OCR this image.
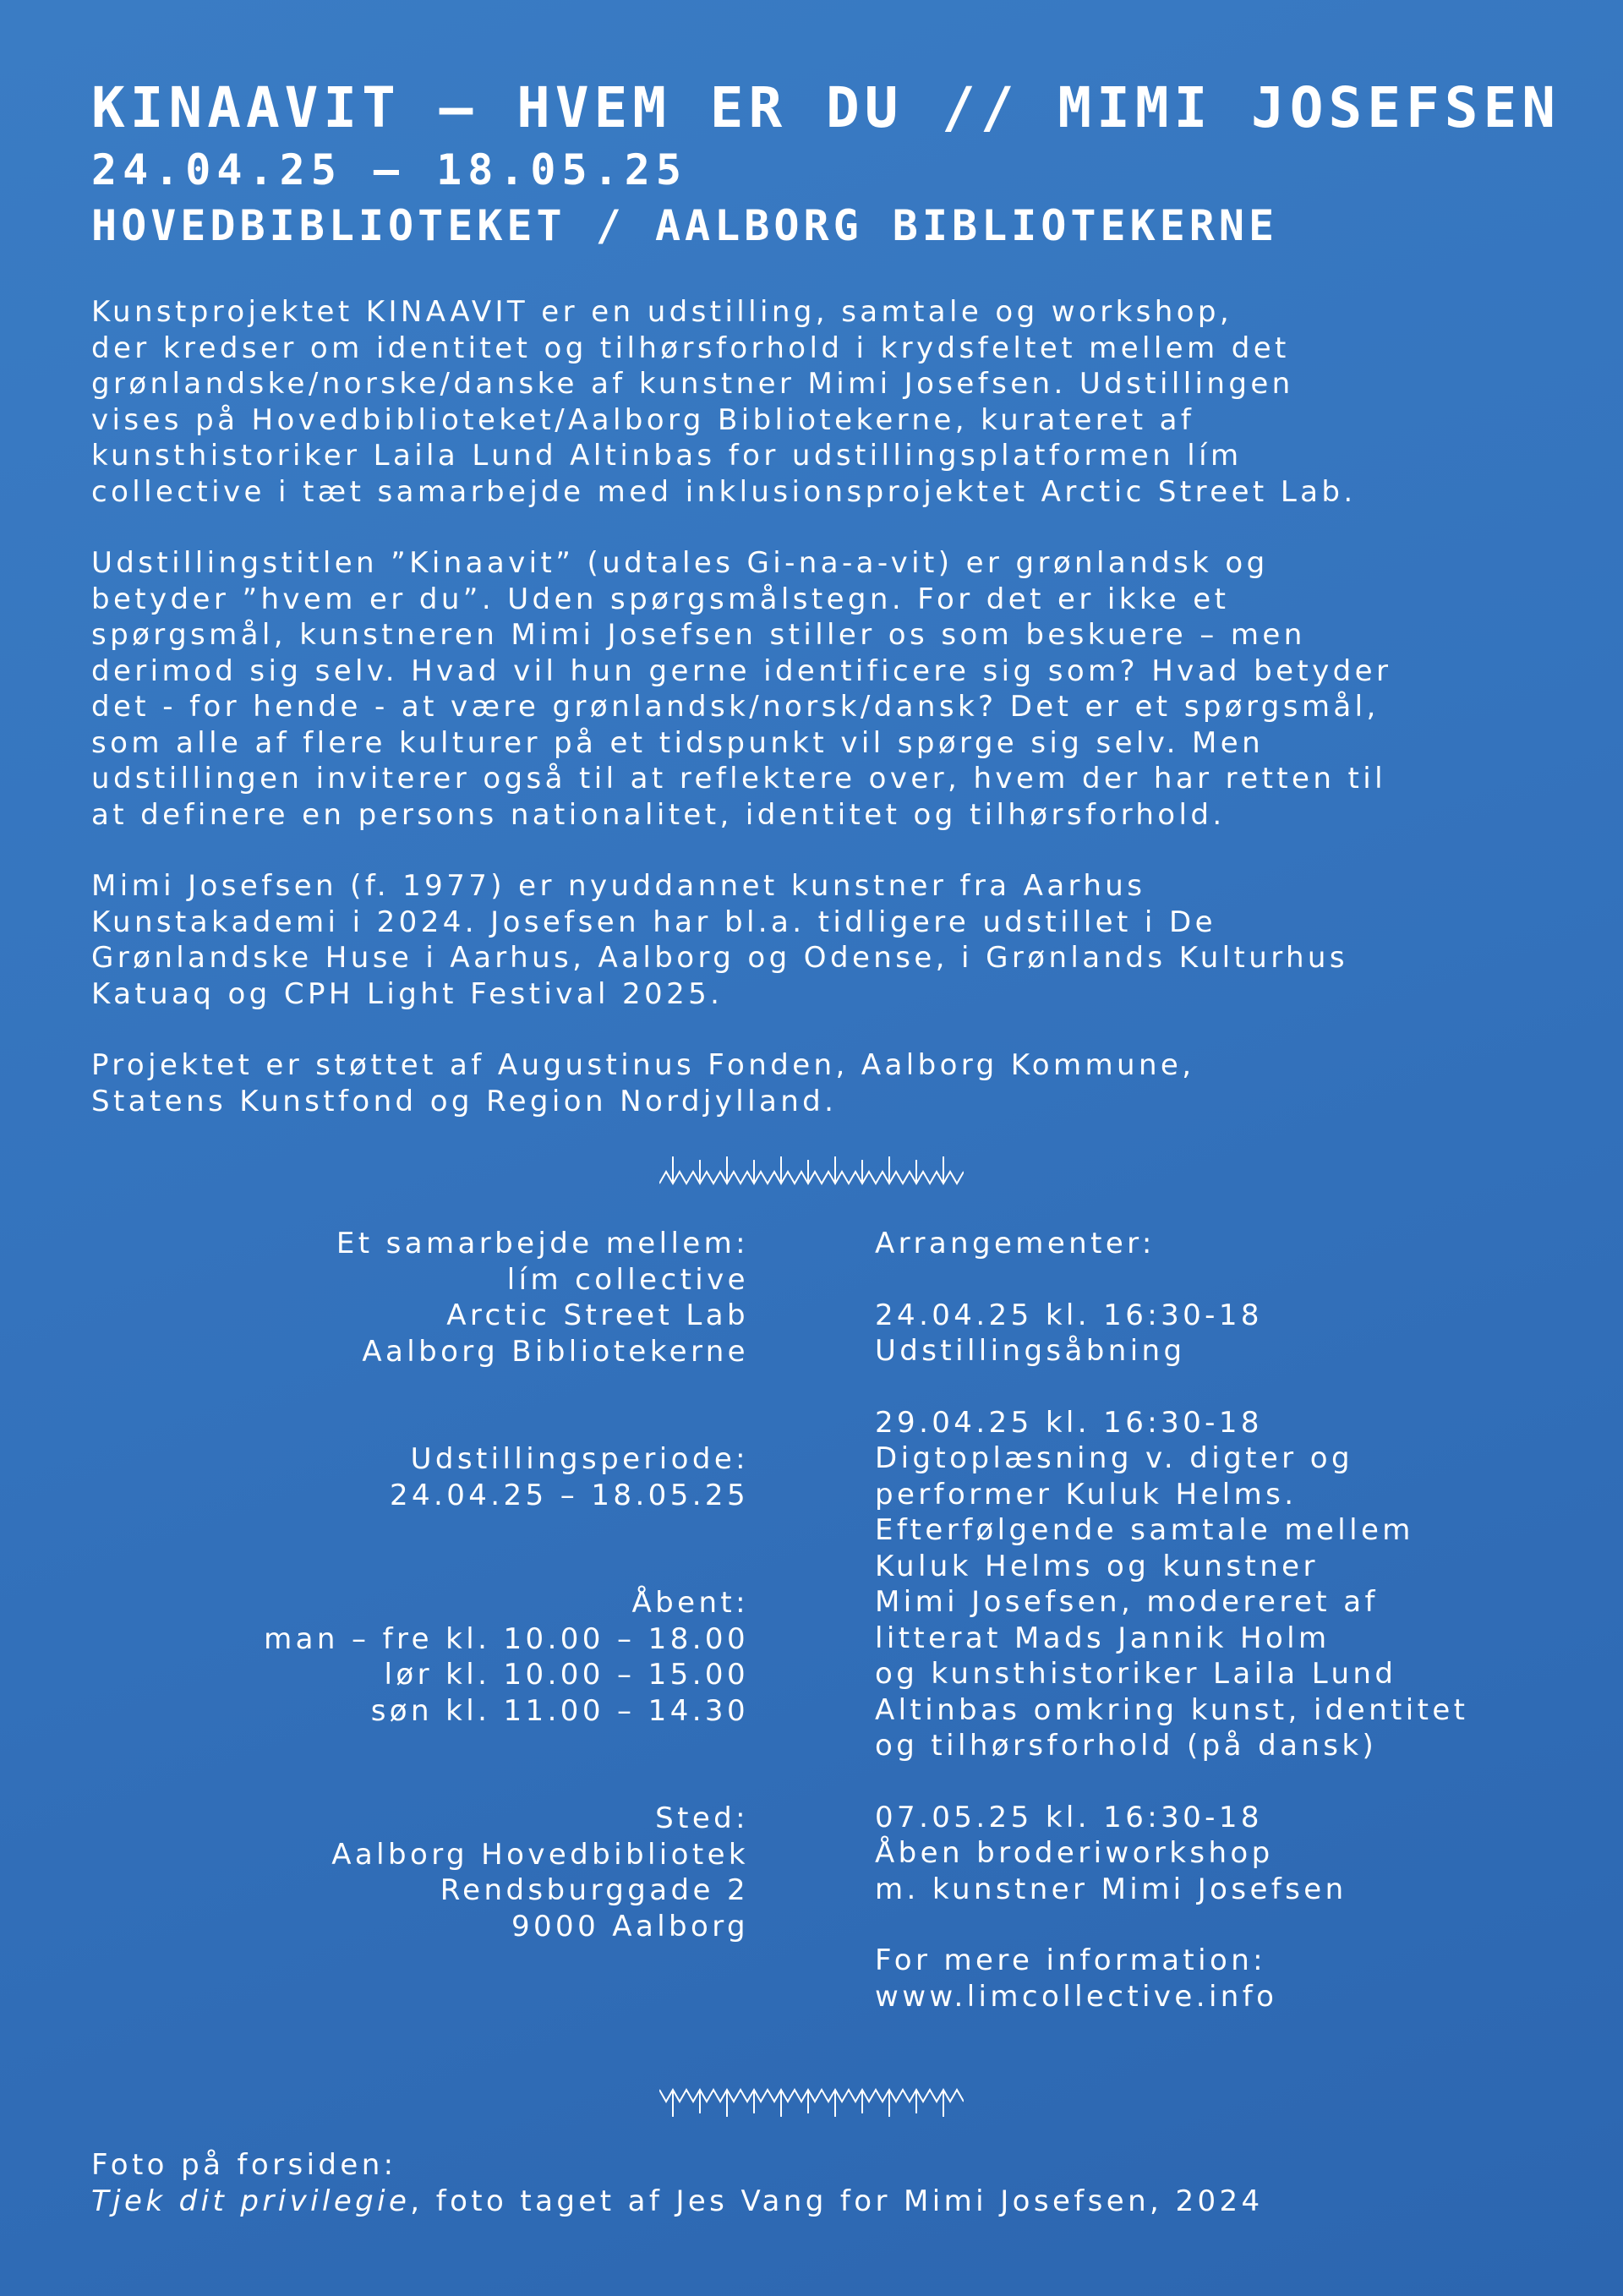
KINAAVIT – HVEM ER DU // MIMI JOSEFSEN
24.04.25 – 18.05.25
HOVEDBIBLIOTEKET / AALBORG BIBLIOTEKERNE

Kunstprojektet KINAAVIT er en udstilling, samtale og workshop,
der kredser om identitet og tilhørsforhold i krydsfeltet mellem det
grønlandske/norske/danske af kunstner Mimi Josefsen. Udstillingen
vises på Hovedbiblioteket/Aalborg Bibliotekerne, kurateret af
kunsthistoriker Laila Lund Altinbas for udstillingsplatformen lím
collective i tæt samarbejde med inklusionsprojektet Arctic Street Lab.

Udstillingstitlen ”Kinaavit” (udtales Gi-na-a-vit) er grønlandsk og
betyder ”hvem er du”. Uden spørgsmålstegn. For det er ikke et
spørgsmål, kunstneren Mimi Josefsen stiller os som beskuere – men
derimod sig selv. Hvad vil hun gerne identificere sig som? Hvad betyder
det - for hende - at være grønlandsk/norsk/dansk? Det er et spørgsmål,
som alle af flere kulturer på et tidspunkt vil spørge sig selv. Men
udstillingen inviterer også til at reflektere over, hvem der har retten til
at definere en persons nationalitet, identitet og tilhørsforhold.

Mimi Josefsen (f. 1977) er nyuddannet kunstner fra Aarhus
Kunstakademi i 2024. Josefsen har bl.a. tidligere udstillet i De
Grønlandske Huse i Aarhus, Aalborg og Odense, i Grønlands Kulturhus
Katuaq og CPH Light Festival 2025.

Projektet er støttet af Augustinus Fonden, Aalborg Kommune,
Statens Kunstfond og Region Nordjylland.

Et samarbejde mellem:
lím collective
Arctic Street Lab
Aalborg Bibliotekerne
Udstillingsperiode:
24.04.25 – 18.05.25
Åbent:
man – fre kl. 10.00 – 18.00
lør kl. 10.00 – 15.00
søn kl. 11.00 – 14.30
Sted:
Aalborg Hovedbibliotek
Rendsburggade 2
9000 Aalborg
Arrangementer:
24.04.25 kl. 16:30-18
Udstillingsåbning
29.04.25 kl. 16:30-18
Digtoplæsning v. digter og
performer Kuluk Helms.
Efterfølgende samtale mellem
Kuluk Helms og kunstner
Mimi Josefsen, modereret af
litterat Mads Jannik Holm
og kunsthistoriker Laila Lund
Altinbas omkring kunst, identitet
og tilhørsforhold (på dansk)
07.05.25 kl. 16:30-18
Åben broderiworkshop
m. kunstner Mimi Josefsen
For mere information:
www.limcollective.info
Foto på forsiden:
Tjek dit privilegie, foto taget af Jes Vang for Mimi Josefsen, 2024
